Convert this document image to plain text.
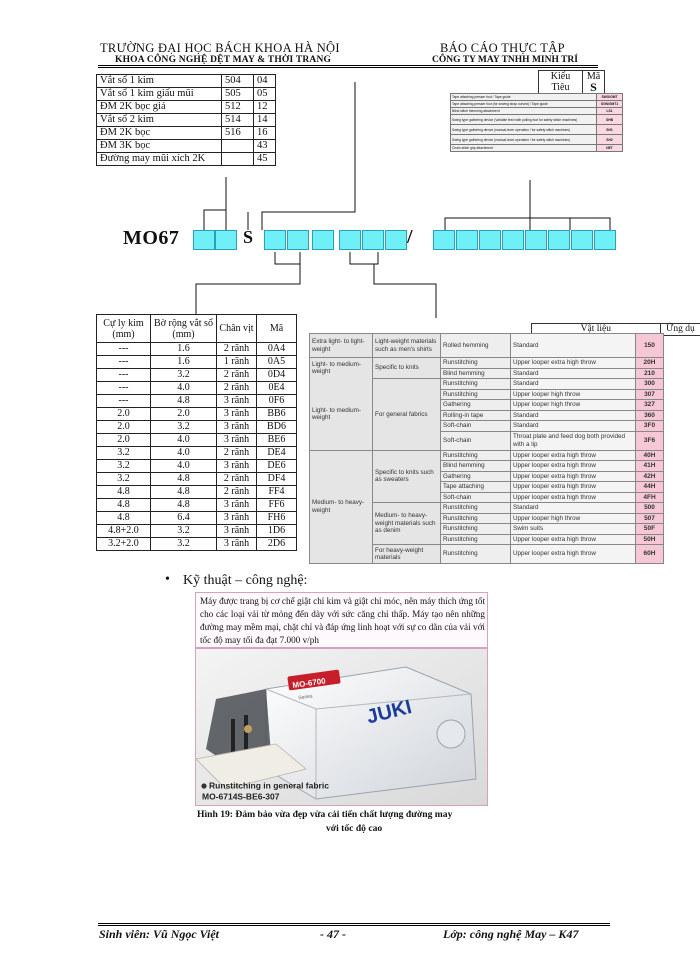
TRƯỜNG ĐẠI HỌC BÁCH KHOA HÀ NỘI
KHOA CÔNG NGHỆ DỆT MAY & THỜI TRANG
BÁO CÁO THỰC TẬP
CÔNG TY MAY TNHH MINH TRÍ
Vắt sổ 1 kim	504	04
Vắt sổ 1 kim giấu mũi	505	05
ĐM 2K bọc giả	512	12
Vắt sổ 2 kim	514	14
ĐM 2K bọc	516	16
ĐM 3K bọc		43
Đường may mũi xích 2K		45
Kiểu	Mã
Tiêu	S
Tape attaching presser foot / Tape guide	SWG/GMT
Tape attaching presser foot (for sewing strap curved) / Tape guide	SGN/GMT1
Blind stitch hemming attachment	LS1
Swing type gathering device (Variable feed with pulling foot for safety stitch machines)	SHB
Swing type gathering device (manual-lever operation / for safety stitch machines)	SH1
Swing type gathering device (manual-lever operation / for safety stitch machines)	SH2
Chain stitch grip attachment	NET
MO67	S	/
Cự ly kim (mm)	Bờ rộng vắt sổ (mm)	Chân vịt	Mã
---	1.6	2 rãnh	0A4
---	1.6	1 rãnh	0A5
---	3.2	2 rãnh	0D4
---	4.0	2 rãnh	0E4
---	4.8	3 rãnh	0F6
2.0	2.0	3 rãnh	BB6
2.0	3.2	3 rãnh	BD6
2.0	4.0	3 rãnh	BE6
3.2	4.0	2 rãnh	DE4
3.2	4.0	3 rãnh	DE6
3.2	4.8	2 rãnh	DF4
4.8	4.8	2 rãnh	FF4
4.8	4.8	3 rãnh	FF6
4.8	6.4	3 rãnh	FH6
4.8+2.0	3.2	3 rãnh	1D6
3.2+2.0	3.2	3 rãnh	2D6
Vật liệu	Ứng dụ
Extra light- to light-weight	Light-weight materials such as men's shirts	Rolled hemming	Standard	150
Light- to medium-weight	Specific to knits	Runstitching	Upper looper extra high throw	20H
		Blind hemming	Standard	210
Light- to medium-weight	For general fabrics	Runstitching	Standard	300
		Runstitching	Upper looper high throw	307
		Gathering	Upper looper high throw	327
		Rolling-in tape	Standard	360
		Soft-chain	Standard	3F0
		Soft-chain	Throat plate and feed dog both provided with a lip	3F6

Medium- to heavy-weight	Specific to knits such as sweaters	Runstitching	Upper looper extra high throw	40H
		Blind hemming	Upper looper extra high throw	41H
		Gathering	Upper looper extra high throw	42H
		Tape attaching	Upper looper extra high throw	44H
		Soft-chain	Upper looper extra high throw	4FH
	Medium- to heavy-weight materials such as denim	Runstitching	Standard	500
		Runstitching	Upper looper high throw	507
		Runstitching	Swim suits	50F
		Runstitching	Upper looper extra high throw	50H
	For heavy-weight materials	Runstitching	Upper looper extra high throw	60H
• Kỹ thuật – công nghệ:
Máy được trang bị cơ chế giật chỉ kim và giật chỉ móc, nên máy thích ứng tốt cho các loại vải từ mỏng đến dày với sức căng chỉ thấp. Máy tạo nên những đường may mềm mại, chặt chỉ và đáp ứng linh hoạt với sự co dãn của vải với tốc độ may tối đa đạt 7.000 v/ph
MO-6700
Series	JUKI
Runstitching in general fabric
MO-6714S-BE6-307
Hình 19: Đảm bảo vừa đẹp vừa cải tiến chất lượng đường may
với tốc độ cao
Sinh viên: Vũ Ngọc Việt	- 47 -	Lớp: công nghệ May – K47
